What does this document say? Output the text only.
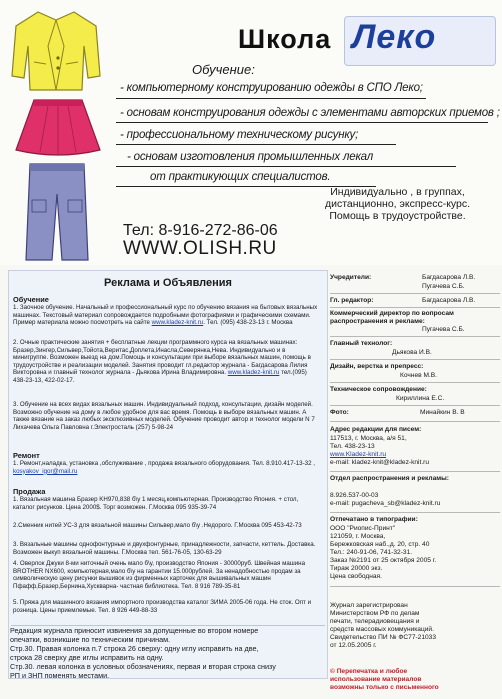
Школа Леко
Обучение:
- компьютерному конструированию одежды в СПО Леко;
- основам конструирования одежды с элементами авторских приемов ;
- профессиональному техническому рисунку;
- основам изготовления промышленных лекал
от практикующих специалистов.
Индивидуально , в группах,
дистанционно, экспресс-курс.
Помощь в трудоустройстве.
Тел: 8-916-272-86-06
WWW.OLISH.RU
Реклама и Объявления
Обучение
1. Заочное обучение. Начальный и профессиональный курс по обучению вязания на бытовых вязальных машинах. Текстовый материал сопровождается подробными фотографиями и графическими схемами. Пример материала можно посмотреть на сайте www.kladez-knit.ru. Тел. (095) 438-23-13 г. Москва
2. Очные практические занятия + бесплатные лекции программного курса на вязальных машинах: Бразер,Зингер,Сильвер,Тойота,Веритас,Доплета,Инасла,Северянка,Нева. Индивидуально и в минигруппе. Возможен выезд на дом.Помощь и консультации при выборе вязальных машин, помощь в трудоустройстве и реализации моделей. Занятия проводит гл.редактор журнала - Багдасарова Лилия Викторовна и главный технолог журнала - Дьякова Ирина Владимировна. www.kladez-knit.ru тел.(095) 438-23-13, 422-02-17.
3. Обучение на всех видах вязальных машин. Индивидуальный подход, консультации, дизайн моделей. Возможно обучение на дому в любое удобное для вас время. Помощь в выборе вязальных машин. А также вязание на заказ любых эксклюзивных моделей. Обучение проводит автор и технолог модели N 7 Лихачева Ольга Павловна г.Электросталь (257) 5-98-24
Ремонт
1. Ремонт,наладка, установка ,обслуживание , продажа вязального оборудования. Тел. 8.910.417-13-32 , kosyakov_igor@mail.ru
Продажа
1. Вязальная машина Бразер KH970,838 б\у 1 месяц,компьютерная. Производство Япония. + стол, каталог рисунков. Цена 2000$. Торг возможен. Г.Москва 095 935-39-74
2.Сменник нитей УС-3 для вязальной машины Сильвер,мало б\у .Недорого. Г.Москва 095 453-42-73
3. Вязальные машины однофонтурные и двухфонтурные, принадлежности, запчасти, кеттель. Доставка. Возможен выкуп вязальной машины. Г.Москва тел. 561-76-05, 130-63-29
4. Оверлок Джуки 8-ми ниточный очень мало б\у, производство Япония - 30000руб. Швейная машина BROTHER NX600, компьютерная,мало б\у на гарантии 15.000рублей. За ненадобностью продам за символическую цену рисунки вышивок из фирменных карточек для вышивальных машин Пфафф,Бразер,Бернина,Хускварна- частная библиотека. Тел. 8 916 789-35-81
5. Пряжа для машинного вязания импортного производства каталог ЗИМА 2005-06 года. Не сток. Опт и розница. Цены приемлемые. Тел. 8 926 449-88-33
Редакция журнала приносит извинения за допущенные во втором номере
опечатки, возникшие по техническим причинам.
Стр.30. Правая колонка п.7 строка 26 сверху: одну иглу исправить на две,
строка 28 сверху две иглы исправить на одну.
Стр.30. левая колонка в условных обозначениях, первая и вторая строка снизу
РП и ЗНП поменять местами.
Учредители:	Багдасарова Л.В.
Пугачева С.Б.
Гл. редактор:	Багдасарова Л.В.
Коммерческий директор по вопросам распространения и рекламе:
Пугачева С.Б.
Главный технолог:
Дьякова И.В.
Дизайн, верстка и препресс:
Кочнев М.В.
Техническое сопровождение:
Кириллина Е.С.
Фото:	Минайкин В. В
Адрес редакции для писем:
117513, г. Москва, а/я 51,
Тел. 438-23-13
www.Kladez-knit.ru
e-mail: kladez-knit@kladez-knit.ru
Отдел распространения и рекламы:
8.926.537-00-03
e-mail: pugacheva_sb@kladez-knit.ru
Отпечатано в типографии:
ООО "Риопис-Принт"
121059, г. Москва,
Бережковская наб.,д. 20, стр. 40
Тел.: 240-91-06, 741-32-31.
Заказ №2191 от 25 октября 2005 г.
Тираж 20000 экз.
Цена свободная.
Журнал зарегистрирован
Министерством РФ по делам
печати, телерадиовещания и
средств массовых коммуникаций.
Свидетельство ПИ № ФС77-21033
от 12.05.2005 г.
© Перепечатка и любое
использование материалов
возможны только с письменного
